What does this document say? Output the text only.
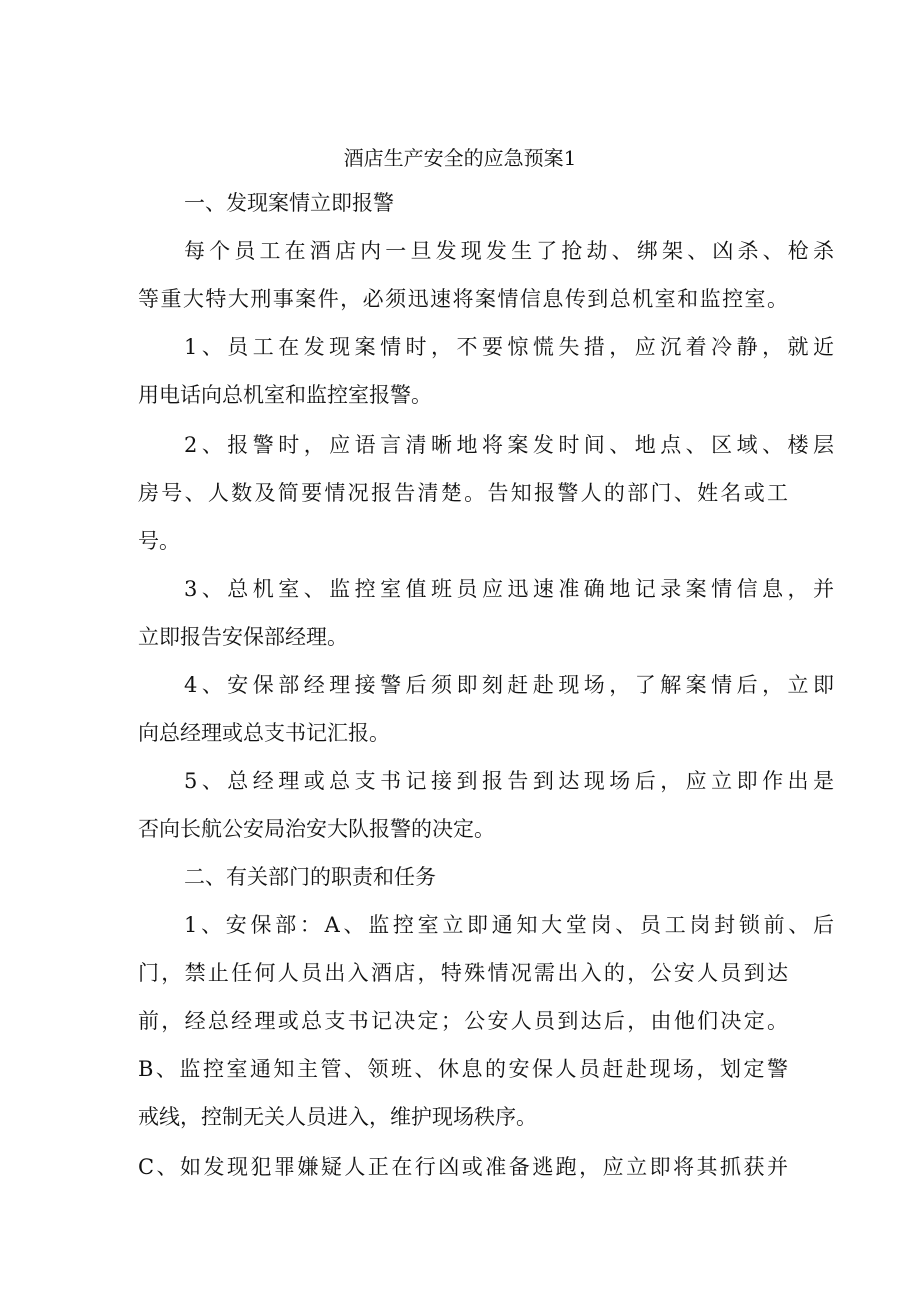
酒店生产安全的应急预案1
一、发现案情立即报警
每个员工在酒店内一旦发现发生了抢劫、绑架、凶杀、枪杀
等重大特大刑事案件，必须迅速将案情信息传到总机室和监控室。
1、员工在发现案情时，不要惊慌失措，应沉着冷静，就近
用电话向总机室和监控室报警。
2、报警时，应语言清晰地将案发时间、地点、区域、楼层
房号、人数及简要情况报告清楚。告知报警人的部门、姓名或工
号。
3、总机室、监控室值班员应迅速准确地记录案情信息，并
立即报告安保部经理。
4、安保部经理接警后须即刻赶赴现场，了解案情后，立即
向总经理或总支书记汇报。
5、总经理或总支书记接到报告到达现场后，应立即作出是
否向长航公安局治安大队报警的决定。
二、有关部门的职责和任务
1、安保部：A、监控室立即通知大堂岗、员工岗封锁前、后
门，禁止任何人员出入酒店，特殊情况需出入的，公安人员到达
前，经总经理或总支书记决定；公安人员到达后，由他们决定。
B、监控室通知主管、领班、休息的安保人员赶赴现场，划定警
戒线，控制无关人员进入，维护现场秩序。
C、如发现犯罪嫌疑人正在行凶或准备逃跑，应立即将其抓获并
